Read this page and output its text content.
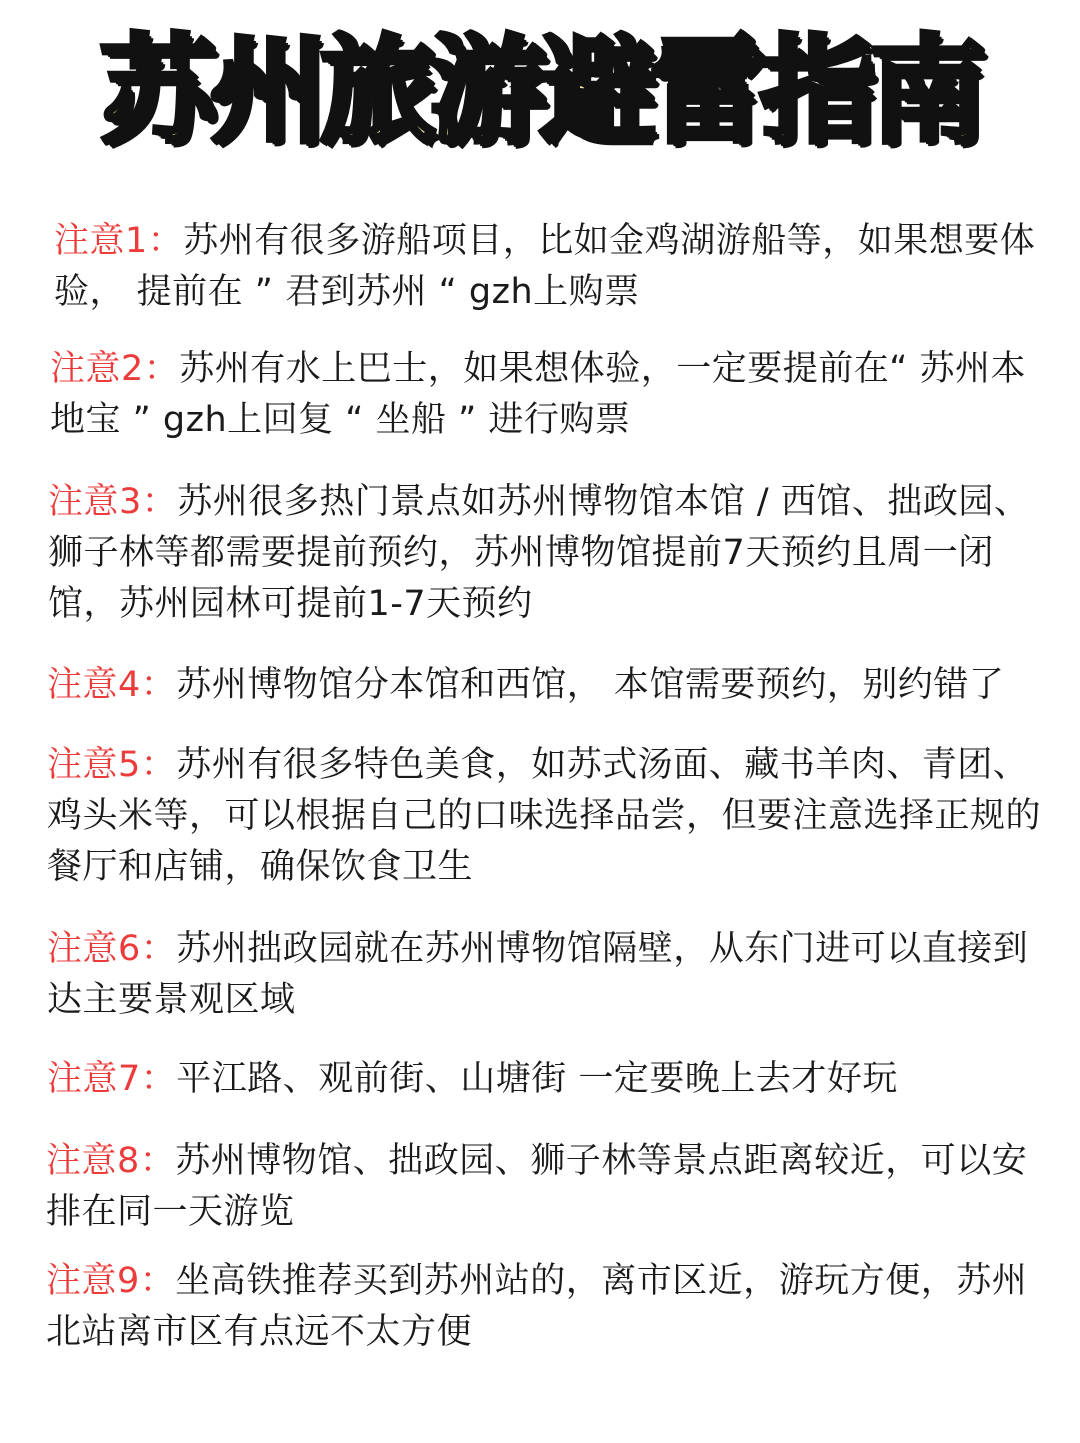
苏州旅游避雷指南
注意1：苏州有很多游船项目，比如金鸡湖游船等，如果想要体验， 提前在 ” 君到苏州 “ gzh上购票
注意2：苏州有水上巴士，如果想体验，一定要提前在“ 苏州本地宝 ” gzh上回复 “ 坐船 ” 进行购票
注意3：苏州很多热门景点如苏州博物馆本馆 / 西馆、拙政园、狮子林等都需要提前预约，苏州博物馆提前7天预约且周一闭馆，苏州园林可提前1-7天预约
注意4：苏州博物馆分本馆和西馆， 本馆需要预约，别约错了
注意5：苏州有很多特色美食，如苏式汤面、藏书羊肉、青团、鸡头米等，可以根据自己的口味选择品尝，但要注意选择正规的餐厅和店铺，确保饮食卫生
注意6：苏州拙政园就在苏州博物馆隔壁，从东门进可以直接到达主要景观区域
注意7：平江路、观前街、山塘街 一定要晚上去才好玩
注意8：苏州博物馆、拙政园、狮子林等景点距离较近，可以安排在同一天游览
注意9：坐高铁推荐买到苏州站的，离市区近，游玩方便，苏州北站离市区有点远不太方便
